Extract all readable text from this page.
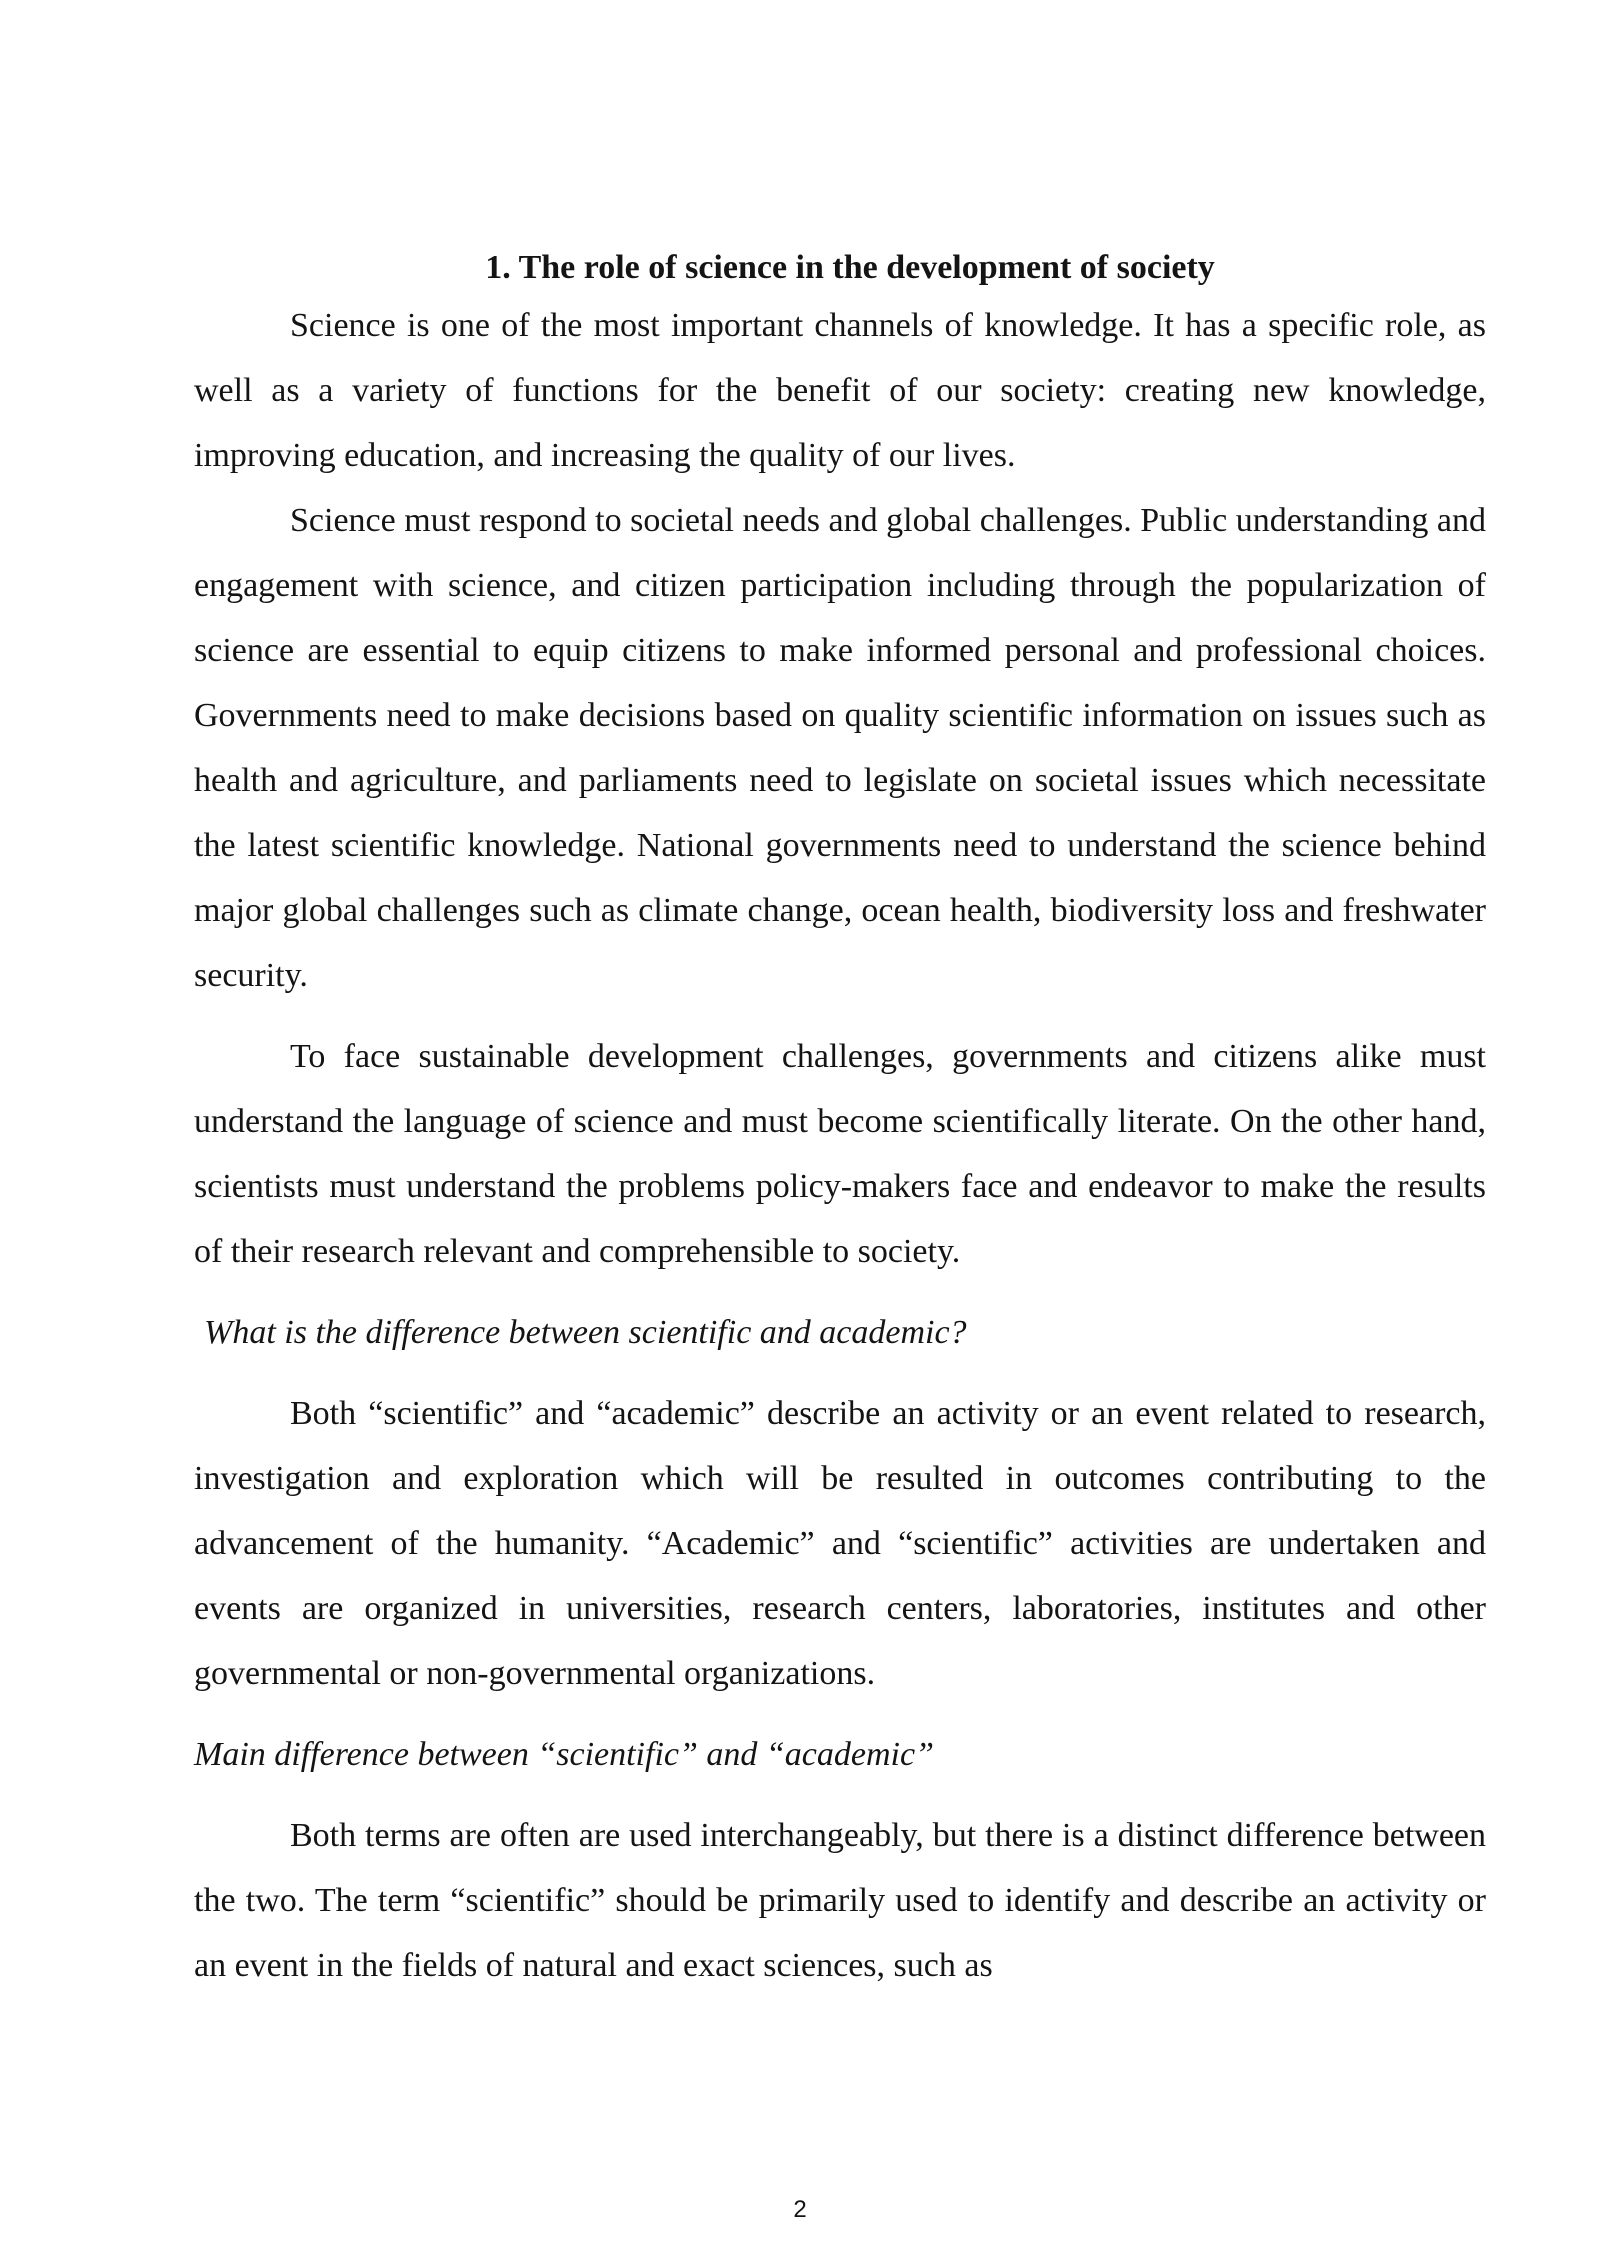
1. The role of science in the development of society

Science is one of the most important channels of knowledge. It has a specific role, as well as a variety of functions for the benefit of our society: creating new knowledge, improving education, and increasing the quality of our lives.

Science must respond to societal needs and global challenges. Public understanding and engagement with science, and citizen participation including through the popularization of science are essential to equip citizens to make informed personal and professional choices. Governments need to make decisions based on quality scientific information on issues such as health and agriculture, and parliaments need to legislate on societal issues which necessitate the latest scientific knowledge. National governments need to understand the science behind major global challenges such as climate change, ocean health, biodiversity loss and freshwater security.

To face sustainable development challenges, governments and citizens alike must understand the language of science and must become scientifically literate. On the other hand, scientists must understand the problems policy-makers face and endeavor to make the results of their research relevant and comprehensible to society.

What is the difference between scientific and academic?

Both “scientific” and “academic” describe an activity or an event related to research, investigation and exploration which will be resulted in outcomes contributing to the advancement of the humanity. “Academic” and “scientific” activities are undertaken and events are organized in universities, research centers, laboratories, institutes and other governmental or non-governmental organizations.

Main difference between “scientific” and “academic”

Both terms are often are used interchangeably, but there is a distinct difference between the two. The term “scientific” should be primarily used to identify and describe an activity or an event in the fields of natural and exact sciences, such as

2
